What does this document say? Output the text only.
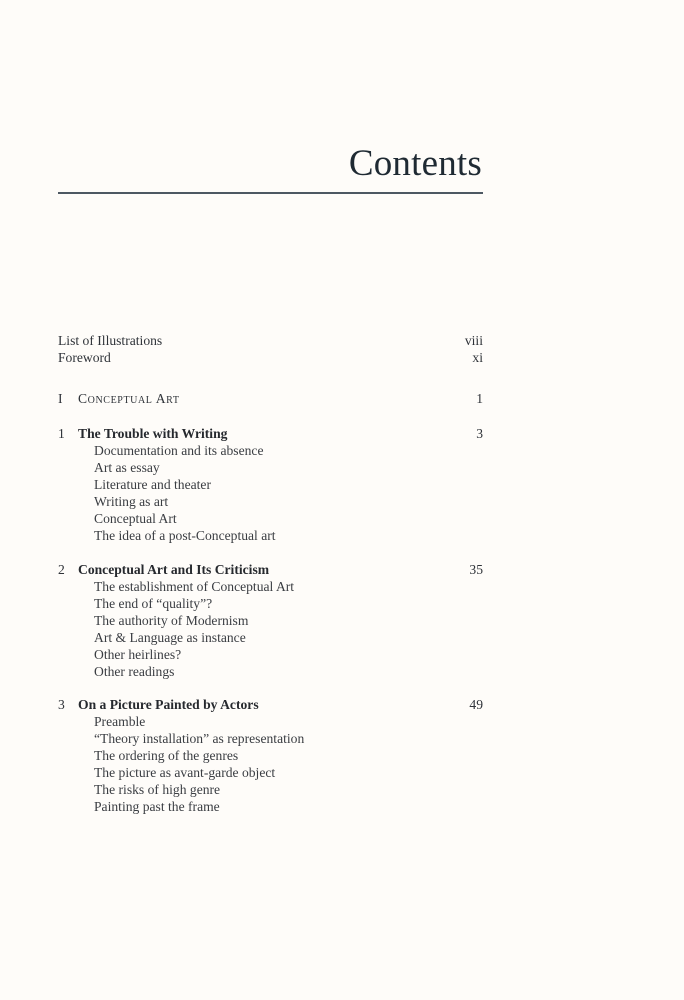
Contents
List of Illustrations	viii
Foreword	xi
I	Conceptual Art	1
1 The Trouble with Writing	3
Documentation and its absence
Art as essay
Literature and theater
Writing as art
Conceptual Art
The idea of a post-Conceptual art
2 Conceptual Art and Its Criticism	35
The establishment of Conceptual Art
The end of “quality”?
The authority of Modernism
Art & Language as instance
Other heirlines?
Other readings
3 On a Picture Painted by Actors	49
Preamble
“Theory installation” as representation
The ordering of the genres
The picture as avant-garde object
The risks of high genre
Painting past the frame
